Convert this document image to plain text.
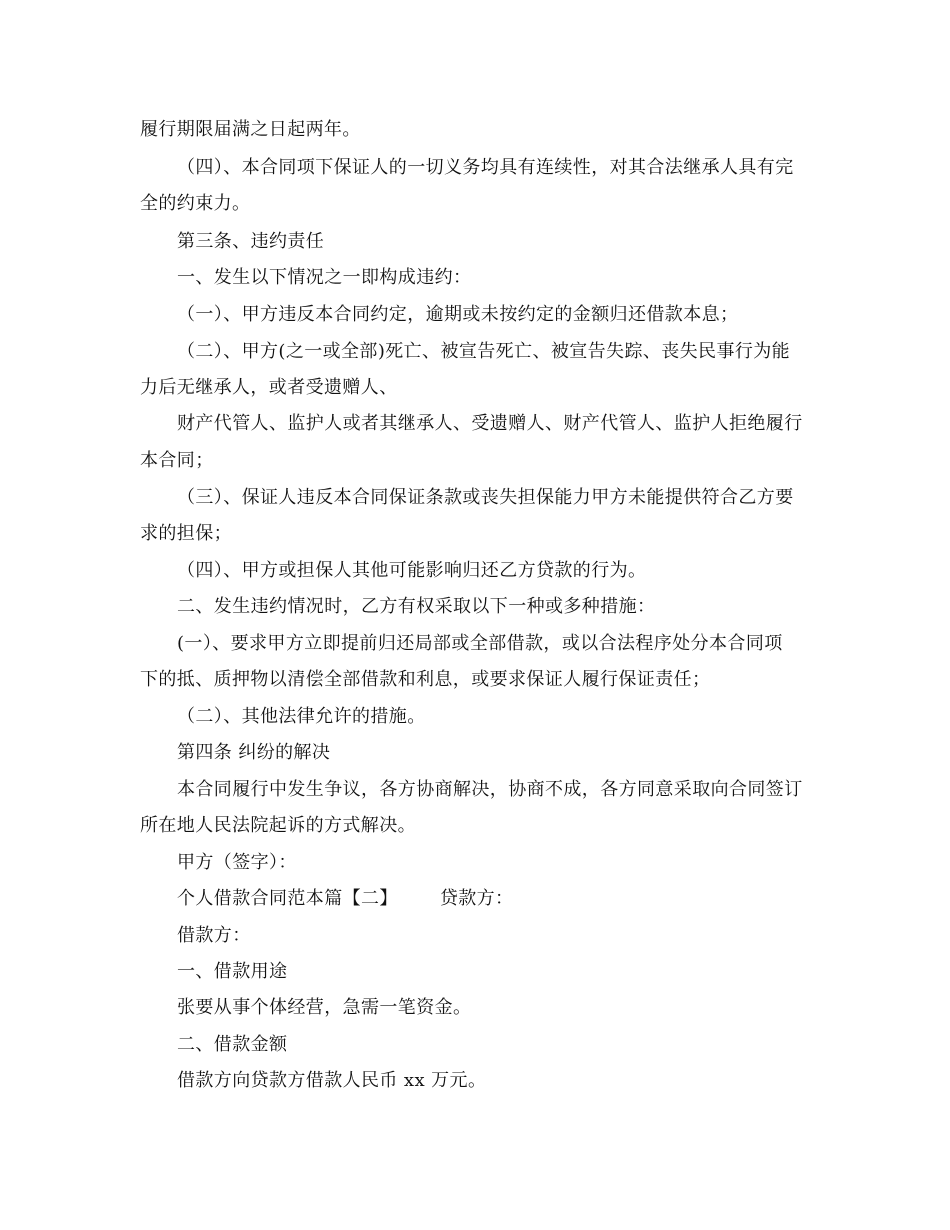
履行期限届满之日起两年。
（四）、本合同项下保证人的一切义务均具有连续性，对其合法继承人具有完
全的约束力。
第三条、违约责任
一、发生以下情况之一即构成违约：
（一）、甲方违反本合同约定，逾期或未按约定的金额归还借款本息；
（二）、甲方(之一或全部)死亡、被宣告死亡、被宣告失踪、丧失民事行为能
力后无继承人，或者受遗赠人、
财产代管人、监护人或者其继承人、受遗赠人、财产代管人、监护人拒绝履行
本合同；
（三）、保证人违反本合同保证条款或丧失担保能力甲方未能提供符合乙方要
求的担保；
（四）、甲方或担保人其他可能影响归还乙方贷款的行为。
二、发生违约情况时，乙方有权采取以下一种或多种措施：
(一）、要求甲方立即提前归还局部或全部借款，或以合法程序处分本合同项
下的抵、质押物以清偿全部借款和利息，或要求保证人履行保证责任；
（二）、其他法律允许的措施。
第四条 纠纷的解决
本合同履行中发生争议，各方协商解决，协商不成，各方同意采取向合同签订
所在地人民法院起诉的方式解决。
甲方（签字）：
个人借款合同范本篇【二】 贷款方：
借款方：
一、借款用途
张要从事个体经营，急需一笔资金。
二、借款金额
借款方向贷款方借款人民币 xx 万元。
